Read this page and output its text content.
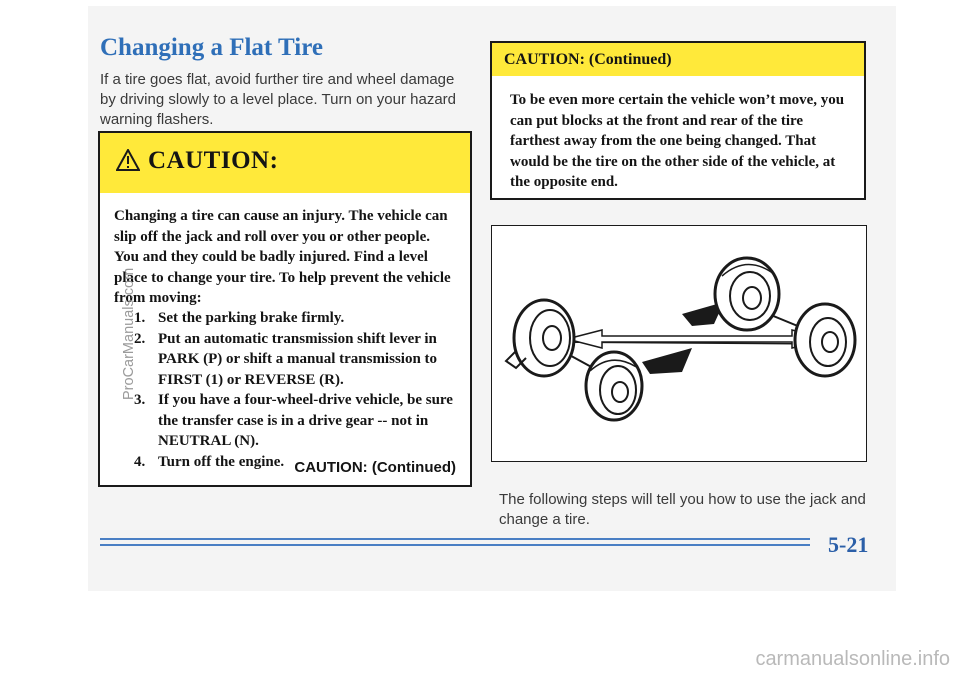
Changing a Flat Tire

If a tire goes flat, avoid further tire and wheel damage by driving slowly to a level place. Turn on your hazard warning flashers.

CAUTION:

Changing a tire can cause an injury. The vehicle can slip off the jack and roll over you or other people. You and they could be badly injured. Find a level place to change your tire. To help prevent the vehicle from moving:

1. Set the parking brake firmly.
2. Put an automatic transmission shift lever in PARK (P) or shift a manual transmission to FIRST (1) or REVERSE (R).
3. If you have a four-wheel-drive vehicle, be sure the transfer case is in a drive gear -- not in NEUTRAL (N).
4. Turn off the engine. CAUTION: (Continued)
CAUTION: (Continued)

To be even more certain the vehicle won’t move, you can put blocks at the front and rear of the tire farthest away from the one being changed. That would be the tire on the other side of the vehicle, at the opposite end.

The following steps will tell you how to use the jack and change a tire.

5-21
ProCarManuals.com
carmanualsonline.info
